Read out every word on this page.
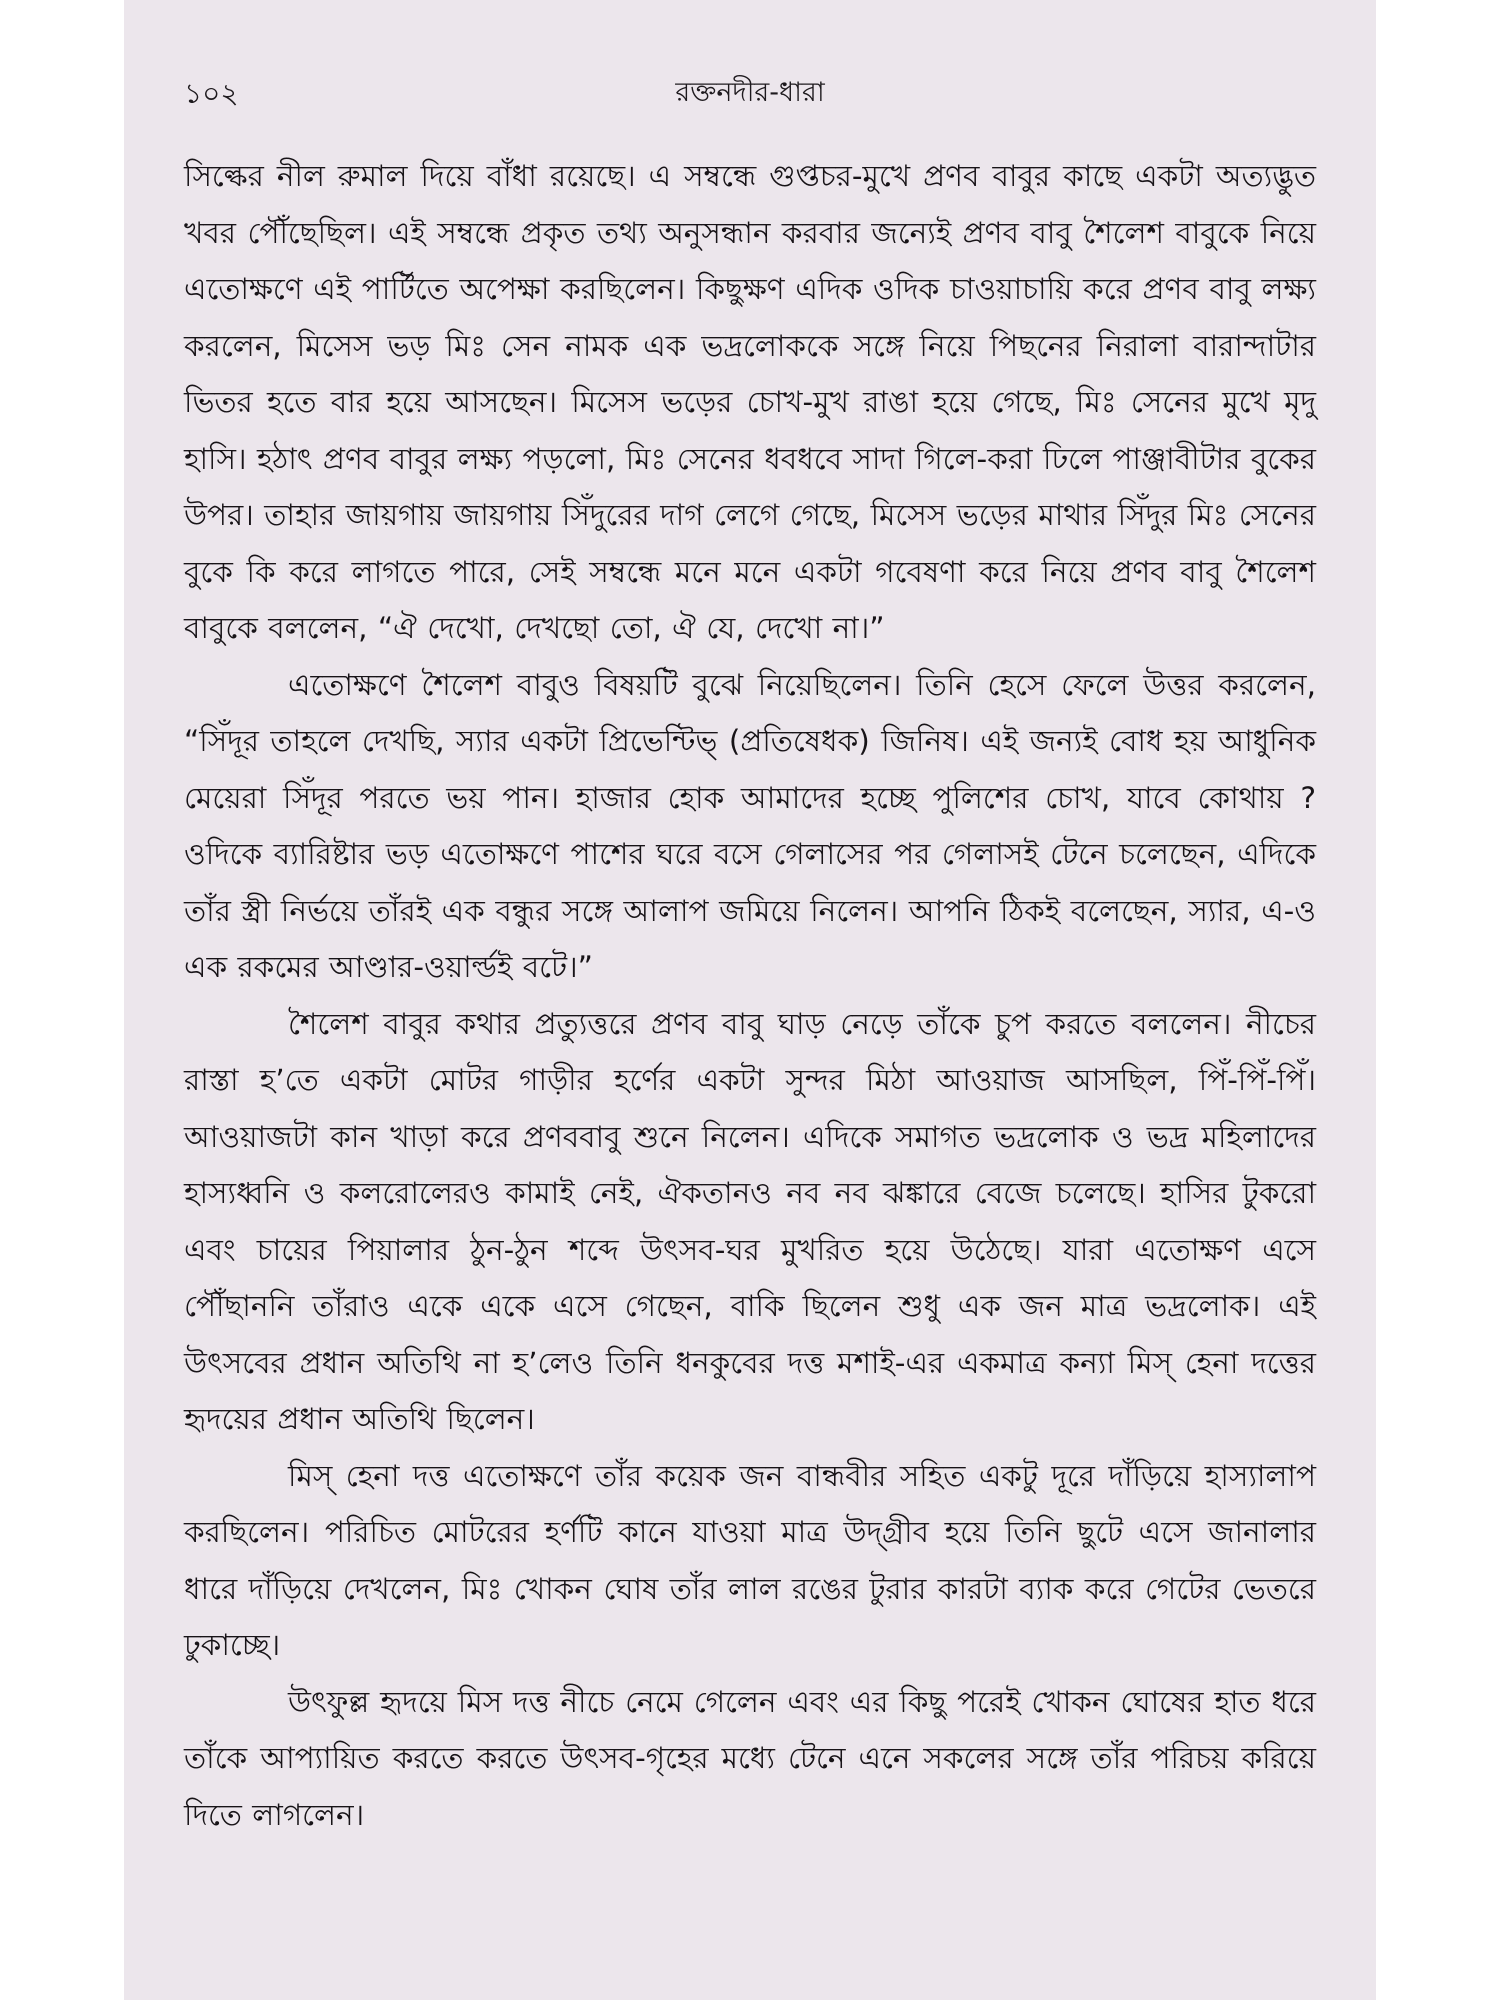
১০২	রক্তনদীর-ধারা

সিল্কের নীল রুমাল দিয়ে বাঁধা রয়েছে। এ সম্বন্ধে গুপ্তচর-মুখে প্রণব বাবুর কাছে একটা অত্যদ্ভুত খবর পৌঁছেছিল। এই সম্বন্ধে প্রকৃত তথ্য অনুসন্ধান করবার জন্যেই প্রণব বাবু শৈলেশ বাবুকে নিয়ে এতোক্ষণে এই পার্টিতে অপেক্ষা করছিলেন। কিছুক্ষণ এদিক ওদিক চাওয়াচায়ি করে প্রণব বাবু লক্ষ্য করলেন, মিসেস ভড় মিঃ সেন নামক এক ভদ্রলোককে সঙ্গে নিয়ে পিছনের নিরালা বারান্দাটার ভিতর হতে বার হয়ে আসছেন। মিসেস ভড়ের চোখ-মুখ রাঙা হয়ে গেছে, মিঃ সেনের মুখে মৃদু হাসি। হঠাৎ প্রণব বাবুর লক্ষ্য পড়লো, মিঃ সেনের ধবধবে সাদা গিলে-করা ঢিলে পাঞ্জাবীটার বুকের উপর। তাহার জায়গায় জায়গায় সিঁদুরের দাগ লেগে গেছে, মিসেস ভড়ের মাথার সিঁদুর মিঃ সেনের বুকে কি করে লাগতে পারে, সেই সম্বন্ধে মনে মনে একটা গবেষণা করে নিয়ে প্রণব বাবু শৈলেশ বাবুকে বললেন, “ঐ দেখো, দেখছো তো, ঐ যে, দেখো না।”

এতোক্ষণে শৈলেশ বাবুও বিষয়টি বুঝে নিয়েছিলেন। তিনি হেসে ফেলে উত্তর করলেন, “সিঁদূর তাহলে দেখছি, স্যার একটা প্রিভেন্টিভ্ (প্রতিষেধক) জিনিষ। এই জন্যই বোধ হয় আধুনিক মেয়েরা সিঁদূর পরতে ভয় পান। হাজার হোক আমাদের হচ্ছে পুলিশের চোখ, যাবে কোথায় ? ওদিকে ব্যারিষ্টার ভড় এতোক্ষণে পাশের ঘরে বসে গেলাসের পর গেলাসই টেনে চলেছেন, এদিকে তাঁর স্ত্রী নির্ভয়ে তাঁরই এক বন্ধুর সঙ্গে আলাপ জমিয়ে নিলেন। আপনি ঠিকই বলেছেন, স্যার, এ-ও এক রকমের আণ্ডার-ওয়ার্ল্ডই বটে।”

শৈলেশ বাবুর কথার প্রত্যুত্তরে প্রণব বাবু ঘাড় নেড়ে তাঁকে চুপ করতে বললেন। নীচের রাস্তা হ’তে একটা মোটর গাড়ীর হর্ণের একটা সুন্দর মিঠা আওয়াজ আসছিল, পিঁ-পিঁ-পিঁ। আওয়াজটা কান খাড়া করে প্রণববাবু শুনে নিলেন। এদিকে সমাগত ভদ্রলোক ও ভদ্র মহিলাদের হাস্যধ্বনি ও কলরোলেরও কামাই নেই, ঐকতানও নব নব ঝঙ্কারে বেজে চলেছে। হাসির টুকরো এবং চায়ের পিয়ালার ঠুন-ঠুন শব্দে উৎসব-ঘর মুখরিত হয়ে উঠেছে। যারা এতোক্ষণ এসে পৌঁছাননি তাঁরাও একে একে এসে গেছেন, বাকি ছিলেন শুধু এক জন মাত্র ভদ্রলোক। এই উৎসবের প্রধান অতিথি না হ’লেও তিনি ধনকুবের দত্ত মশাই-এর একমাত্র কন্যা মিস্ হেনা দত্তের হৃদয়ের প্রধান অতিথি ছিলেন।

মিস্ হেনা দত্ত এতোক্ষণে তাঁর কয়েক জন বান্ধবীর সহিত একটু দূরে দাঁড়িয়ে হাস্যালাপ করছিলেন। পরিচিত মোটরের হর্ণটি কানে যাওয়া মাত্র উদ্গ্রীব হয়ে তিনি ছুটে এসে জানালার ধারে দাঁড়িয়ে দেখলেন, মিঃ খোকন ঘোষ তাঁর লাল রঙের টুরার কারটা ব্যাক করে গেটের ভেতরে ঢুকাচ্ছে।

উৎফুল্ল হৃদয়ে মিস দত্ত নীচে নেমে গেলেন এবং এর কিছু পরেই খোকন ঘোষের হাত ধরে তাঁকে আপ্যায়িত করতে করতে উৎসব-গৃহের মধ্যে টেনে এনে সকলের সঙ্গে তাঁর পরিচয় করিয়ে দিতে লাগলেন।
